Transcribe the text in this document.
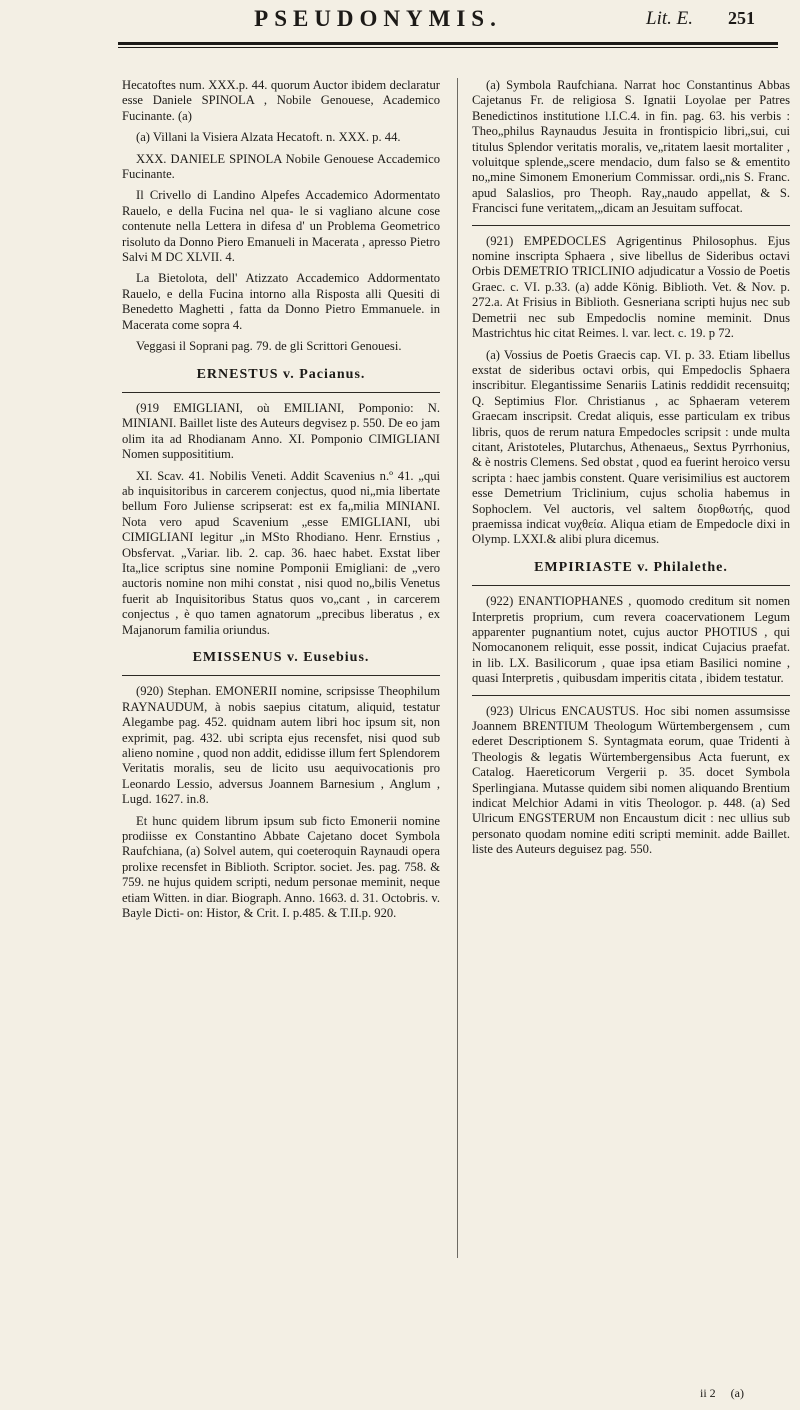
PSEUDONYMIS.	Lit. E. 251

Hecatoftes num. XXX.p. 44. quorum Auctor ibidem declaratur esse Daniele SPINOLA , Nobile Genouese, Academico Fucinante. (a)

(a) Villani la Visiera Alzata Hecatoft. n. XXX. p. 44.

XXX. DANIELE SPINOLA Nobile Genouese Accademico Fucinante.

Il Crivello di Landino Alpefes Accademico Adormentato Rauelo, e della Fucina nel qua- le si vagliano alcune cose contenute nella Lettera in difesa d' un Problema Geometrico risoluto da Donno Piero Emanueli in Macerata , apresso Pietro Salvi M DC XLVII. 4.

La Bietolota, dell' Atizzato Accademico Addormentato Rauelo, e della Fucina intorno alla Risposta alli Quesiti di Benedetto Maghetti , fatta da Donno Pietro Emmanuele. in Macerata come sopra 4.

Veggasi il Soprani pag. 79. de gli Scrittori Genouesi.

ERNESTUS v. Pacianus.

(919 EMIGLIANI, où EMILIANI, Pomponio: N. MINIANI. Baillet liste des Auteurs degvisez p. 550. De eo jam olim ita ad Rhodianam Anno. XI. Pomponio CIMIGLIANI Nomen supposititium.

XI. Scav. 41. Nobilis Veneti. Addit Scavenius n.º 41. „qui ab inquisitoribus in carcerem conjectus, quod ni„mia libertate bellum Foro Juliense scripserat: est ex fa„milia MINIANI. Nota vero apud Scavenium „esse EMIGLIANI, ubi CIMIGLIANI legitur „in MSto Rhodiano. Henr. Ernstius , Obsfervat. „Variar. lib. 2. cap. 36. haec habet. Exstat liber Ita„lice scriptus sine nomine Pomponii Emigliani: de „vero auctoris nomine non mihi constat , nisi quod no„bilis Venetus fuerit ab Inquisitoribus Status quos vo„cant , in carcerem conjectus , è quo tamen agnatorum „precibus liberatus , ex Majanorum familia oriundus.

EMISSENUS v. Eusebius.

(920) Stephan. EMONERII nomine, scripsisse Theophilum RAYNAUDUM, à nobis saepius citatum, aliquid, testatur Alegambe pag. 452. quidnam autem libri hoc ipsum sit, non exprimit, pag. 432. ubi scripta ejus recensfet, nisi quod sub alieno nomine , quod non addit, edidisse illum fert Splendorem Veritatis moralis, seu de licito usu aequivocationis pro Leonardo Lessio, adversus Joannem Barnesium , Anglum , Lugd. 1627. in.8.

Et hunc quidem librum ipsum sub ficto Emonerii nomine prodiisse ex Constantino Abbate Cajetano docet Symbola Raufchiana, (a) Solvel autem, qui coeteroquin Raynaudi opera prolixe recensfet in Biblioth. Scriptor. societ. Jes. pag. 758. & 759. ne hujus quidem scripti, nedum personae meminit, neque etiam Witten. in diar. Biograph. Anno. 1663. d. 31. Octobris. v. Bayle Dicti- on: Histor, & Crit. I. p.485. & T.II.p. 920.

(a) Symbola Raufchiana. Narrat hoc Constantinus Abbas Cajetanus Fr. de religiosa S. Ignatii Loyolae per Patres Benedictinos institutione l.I.C.4. in fin. pag. 63. his verbis : Theo„philus Raynaudus Jesuita in frontispicio libri„sui, cui titulus Splendor veritatis moralis, ve„ritatem laesit mortaliter , voluitque splende„scere mendacio, dum falso se & ementito no„mine Simonem Emonerium Commissar. ordi„nis S. Franc. apud Salaslios, pro Theoph. Ray„naudo appellat, & S. Francisci fune veritatem,„dicam an Jesuitam suffocat.

(921) EMPEDOCLES Agrigentinus Philosophus. Ejus nomine inscripta Sphaera , sive libellus de Sideribus octavi Orbis DEMETRIO TRICLINIO adjudicatur a Vossio de Poetis Graec. c. VI. p.33. (a) adde König. Biblioth. Vet. & Nov. p. 272.a. At Frisius in Biblioth. Gesneriana scripti hujus nec sub Demetrii nec sub Empedoclis nomine meminit. Dnus Mastrichtus hic citat Reimes. l. var. lect. c. 19. p 72.

(a) Vossius de Poetis Graecis cap. VI. p. 33. Etiam libellus exstat de sideribus octavi orbis, qui Empedoclis Sphaera inscribitur. Elegantissime Senariis Latinis reddidit recensuitq; Q. Septimius Flor. Christianus , ac Sphaeram veterem Graecam inscripsit. Credat aliquis, esse particulam ex tribus libris, quos de rerum natura Empedocles scripsit : unde multa citant, Aristoteles, Plutarchus, Athenaeus„ Sextus Pyrrhonius, & è nostris Clemens. Sed obstat , quod ea fuerint heroico versu scripta : haec jambis constent. Quare verisimilius est auctorem esse Demetrium Triclinium, cujus scholia habemus in Sophoclem. Vel auctoris, vel saltem διορθωτής, quod praemissa indicat νυχθεία. Aliqua etiam de Empedocle dixi in Olymp. LXXI.& alibi plura dicemus.

EMPIRIASTE v. Philalethe.

(922) ENANTIOPHANES , quomodo creditum sit nomen Interpretis proprium, cum revera coacervationem Legum apparenter pugnantium notet, cujus auctor PHOTIUS , qui Nomocanonem reliquit, esse possit, indicat Cujacius praefat. in lib. LX. Basilicorum , quae ipsa etiam Basilici nomine , quasi Interpretis , quibusdam imperitis citata , ibidem testatur.

(923) Ulricus ENCAUSTUS. Hoc sibi nomen assumsisse Joannem BRENTIUM Theologum Würtembergensem , cum ederet Descriptionem S. Syntagmata eorum, quae Tridenti à Theologis & legatis Würtembergensibus Acta fuerunt, ex Catalog. Haereticorum Vergerii p. 35. docet Symbola Sperlingiana. Mutasse quidem sibi nomen aliquando Brentium indicat Melchior Adami in vitis Theologor. p. 448. (a) Sed Ulricum ENGSTERUM non Encaustum dicit : nec ullius sub personato quodam nomine editi scripti meminit. adde Baillet. liste des Auteurs deguisez pag. 550.

ii 2 (a)
